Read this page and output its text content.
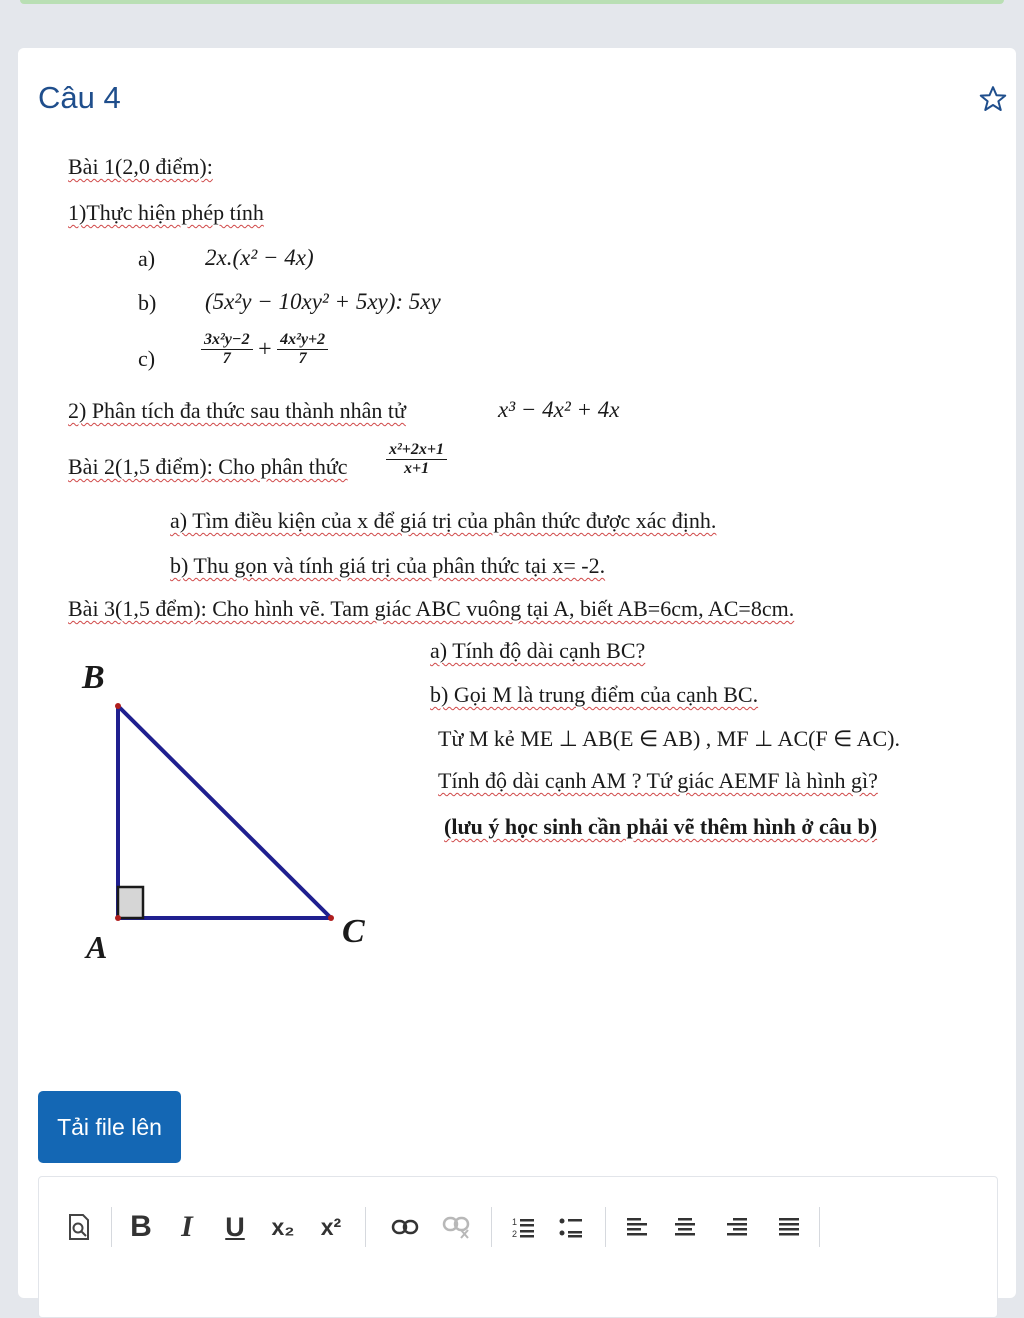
Câu 4
Bài 1(2,0 điểm):
1)Thực hiện phép tính
a) 2x.(x² − 4x)
b) (5x²y − 10xy² + 5xy): 5xy
c)	$\frac{\text{3x²y−2}}{7} + \frac{\text{4x²y+2}}{7}$
2) Phân tích đa thức sau thành nhân tử	x³ − 4x² + 4x
Bài 2(1,5 điểm): Cho phân thức $\frac{\text{x²+2x+1}}{x+1}$
a) Tìm điều kiện của x để giá trị của phân thức được xác định.
b) Thu gọn và tính giá trị của phân thức tại x= -2.
Bài 3(1,5 đểm): Cho hình vẽ. Tam giác ABC vuông tại A, biết AB=6cm, AC=8cm.
a) Tính độ dài cạnh BC?
b) Gọi M là trung điểm của cạnh BC.
Từ M kẻ ME ⊥ AB(E ∈ AB) , MF ⊥ AC(F ∈ AC).
Tính độ dài cạnh AM ? Tứ giác AEMF là hình gì?
(lưu ý học sinh cần phải vẽ thêm hình ở câu b)
B
A	C
Tải file lên
B I	U	x₂	x²	1
2
